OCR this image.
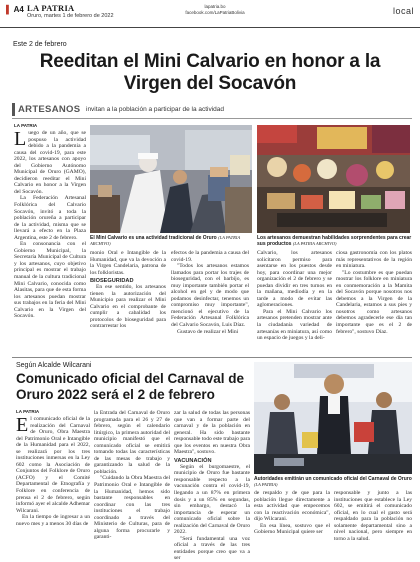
▌ A4 LA PATRIA
Oruro, martes 1 de febrero de 2022
lapatria.bo
facebook.com/LaPatriaBolivia	local
Este 2 de febrero
Reeditan el Mini Calvario en honor a la Virgen del Socavón
ARTESANOS invitan a la población a participar de la actividad
LA PATRIA

Luego de un año, que se pospuso la actividad debido a la pandemia a causa del covid-19, para este 2022, los artesanos con apoyo del Gobierno Autónomo Municipal de Oruro (GAMO), decidieron reeditar el Mini Calvario en honor a la Virgen del Socavón.

La Federación Artesanal Folklórica del Calvario Socavón, invitó a toda la población orureña a participar de la actividad, misma que se llevará a efecto en la Plaza Argentina, este 2 de febrero.

En consonancia con el Gobierno Municipal, la Secretaría Municipal de Cultura y los artesanos, cuyo objetivo principal es mostrar el trabajo manual de la cultura tradicional Mini Calvario, conocida como Alasitas, para que de esta forma los artesanos puedan mostrar sus trabajos en la feria del Mini Calvario en la Virgen del Socavón.

El Mini Calvario es una actividad tradicional de Oruro (LA PATRIA ARCHIVO)
Los artesanos demuestran habilidades sorprendentes para crear sus productos (LA PATRIA ARCHIVO)

monio Oral e Intangible de la Humanidad, que va la devoción a la Virgen Candelaria, patrona de los folkloristas.

BIOSEGURIDAD

En ese sentido, los artesanos tienen la autorización del Municipio para realizar el Mini Calvario en el comprobante de cumplir a cabalidad los protocolos de bioseguridad para contrarrestar los

efectos de la pandemia a causa del covid-19.

"Todos los artesanos estamos llamados para portar los trajes de bioseguridad, con el barbijo, es muy importante también portar el alcohol en gel y de modo que podamos desinfectar, tenemos un compromiso muy importante", mencionó el ejecutivo de la Federación Artesanal Folklórica del Calvario Socavón, Luis Díaz.

Gustavo de realizar el Mini

Calvario, los artesanos solicitaron permiso para asentarse en los puestos desde hoy, para coordinar una mejor organización el 2 de febrero y se puedan dividir en tres turnos en la mañana, mediodía y en la tarde a modo de evitar las aglomeraciones.

Para el Mini Calvario los artesanos pretenden mostrar ante la ciudadanía variedad de artesanías en miniatura, así como un espacio de juegos y la deli-

ciosa gastronomía con los platos más representativos de la región en miniatura.

"Lo costumbre es que puedan mostrar los folklore en miniatura en conmemoración a la Mamita del Socavón porque nosotros nos debemos a la Virgen de la Candelaria, estamos a sus pies y nosotros como artesanos debemos agradecerle ese día tan importante que es el 2 de febrero", sostuvo Díaz.

Según Alcalde Wilcarani
Comunicado oficial del Carnaval de Oruro 2022 será el 2 de febrero
LA PATRIA

El comunicado oficial de la realización del Carnaval de Oruro, Obra Maestra del Patrimonio Oral e Intangible de la Humanidad para el 2022, se realizará por los tres instituciones inmersas en la Ley 602 como la Asociación de Conjuntos del Folklore de Oruro (ACFO) y el Comité Departamental de Etnografía y Folklore en conferencia de prensa el 2 de febrero, según informó ayer el alcalde Adhemar Wilcarani.

En la tiempo de ingresar a un nuevo mes y a menos 30 días de

la Entrada del Carnaval de Oruro programada para el 26 y 27 de febrero, según el calendario litúrgico, la primera autoridad del municipio manifestó que el comunicado oficial se emitirá tomando todas las características de las mesas de trabajo y garantizando la salud de la población.

"Cuidando la Obra Maestra del Patrimonio Oral e Intangible de la Humanidad, hemos sido bastante responsables en coordinar con las tres instituciones el trabajo coordinado a través del Ministerio de Culturas, para de alguna forma procurarle y garanti-

zar la salud de todas las personas que van a formar parte del carnaval y de la población en general. Ha sido bastante responsable todo este trabajo para que los eventos en nuestra Obra Maestra", sostuvo.

VACUNACIÓN

Según el burgomaestre, el municipio de Oruro fue bastante responsable respecto a la vacunación contra el covid-19, llegando a un 87% en primera dosis y a un 85% en segundas, sin embargo, destacó la importancia de esperar un comunicado oficial sobre la realización del Carnaval de Oruro 2022.

"Será fundamental una voz oficial a través de las tres entidades porque creo que va a ser

Autoridades emitirán un comunicado oficial del Carnaval de Oruro (LA PATRIA)

de respaldo y de que para la población llegue directamente a esta actividad que empecemos con la reactivación económica", dijo Wilcarani.

En esa línea, sostuvo que el Gobierno Municipal quiere ser

responsable y junto a las instituciones que establece la Ley 602, se emitirá el comunicado oficial, en lo cual el gasto será respaldado para la población no solamente departamental sino a nivel nacional, pero siempre en torno a la salud.
